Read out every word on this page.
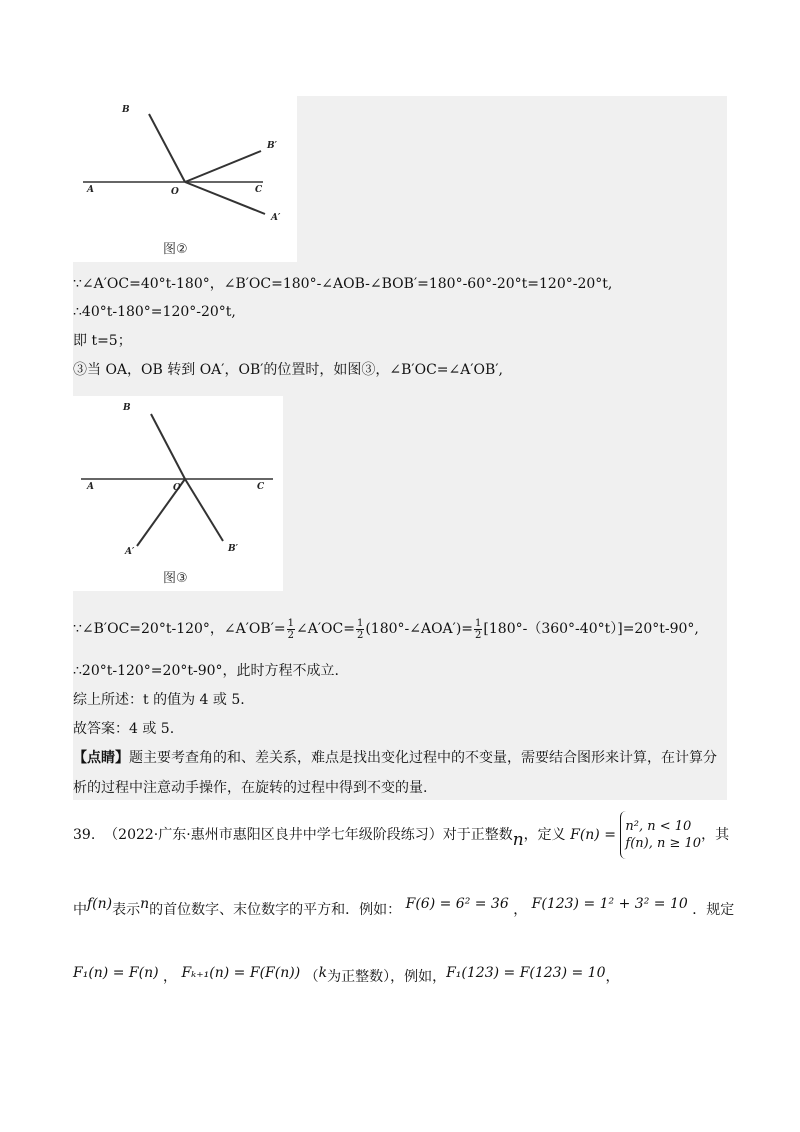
B
B′
A	O	C
A′
图②
∵∠A′OC=40°t-180°，∠B′OC=180°-∠AOB-∠BOB′=180°-60°-20°t=120°-20°t,
∴40°t-180°=120°-20°t,
即 t=5；
③当 OA，OB 转到 OA′，OB′的位置时，如图③，∠B′OC=∠A′OB′,
B
A	O	C
A′	B′
图③
∵∠B′OC=20°t-120°，∠A′OB′= $\frac{1}{2}$ ∠A′OC= $\frac{1}{2}$ (180°-∠AOA′)= $\frac{1}{2} [180^\circ-(360^\circ-40^\circ t)]=20^\circ t-90^\circ$,
∴20°t-120°=20°t-90°，此时方程不成立.
综上所述：t 的值为 4 或 5.
故答案：4 或 5.
【点睛】题主要考查角的和、差关系，难点是找出变化过程中的不变量，需要结合图形来计算，在计算分析的过程中注意动手操作，在旋转的过程中得到不变的量.
39. （2022·广东·惠州市惠阳区良井中学七年级阶段练习）对于正整数n，定义 F(n) =
n², n < 10
f(n), n ≥ 10
，其
中f(n)表示n的首位数字、末位数字的平方和．例如： F(6) = 6² = 36 ， F(123) = 1² + 3² = 10 ．规定
F₁(n) = F(n) ， Fₖ₊₁(n) = F(F(n)) （k为正整数），例如，F₁(123) = F(123) = 10，
